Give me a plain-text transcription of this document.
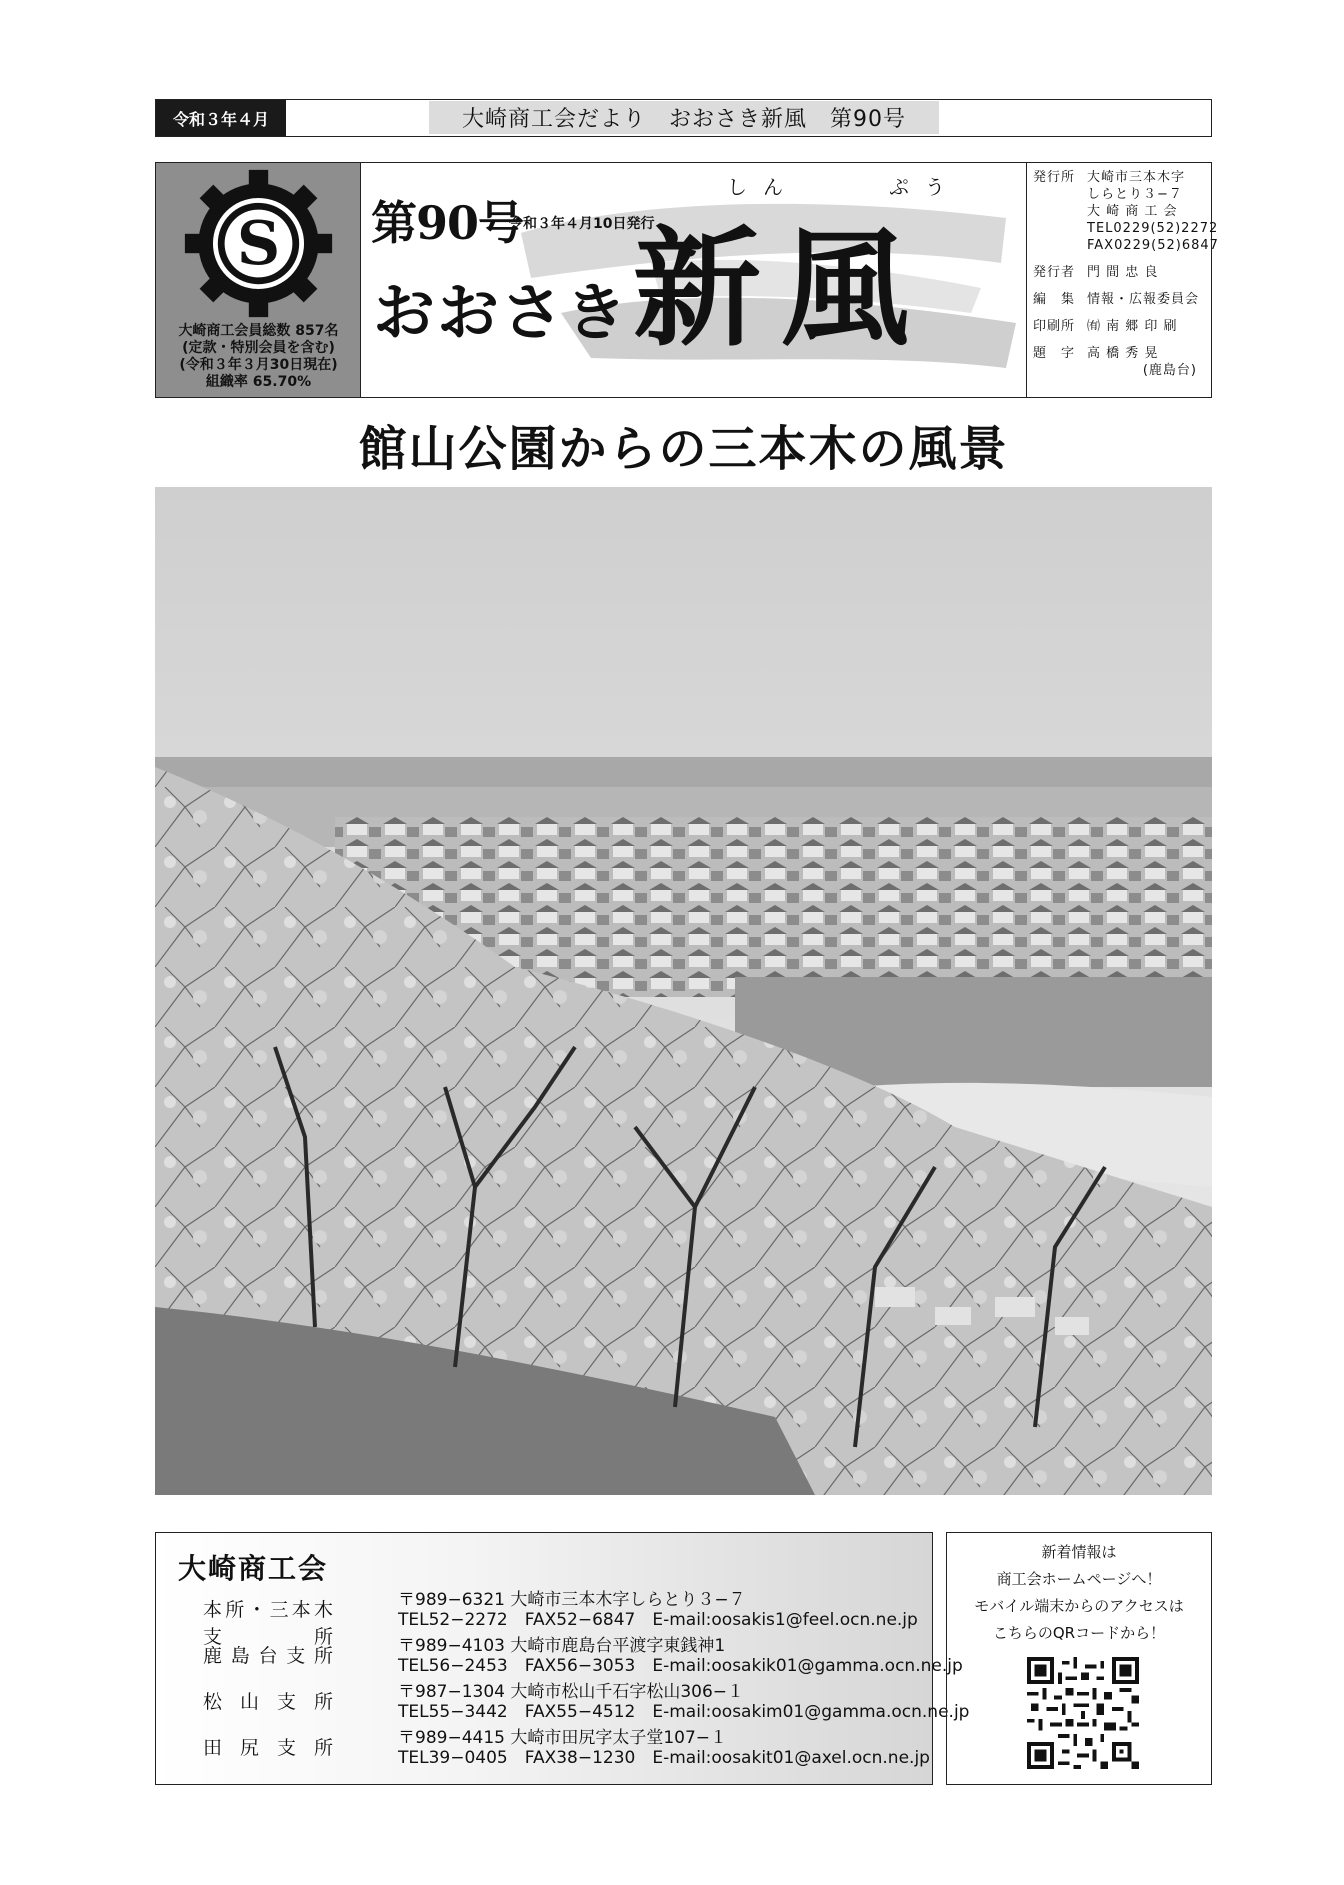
令和３年４月	大崎商工会だより　おおさき新風　第90号
S
大崎商工会員総数 857名
(定款・特別会員を含む)
(令和３年３月30日現在)
組織率 65.70%
第90号
令和３年４月10日発行
しん	ぷう
おおさき 新風
発行所 大崎市三本木字
しらとり３−７
大 崎 商 工 会
TEL0229(52)2272
FAX0229(52)6847
発行者 門 間 忠 良
編　集 情報・広報委員会
印刷所 ㈲ 南 郷 印 刷
題　字 高 橋 秀 晃
(鹿島台)
館山公園からの三本木の風景
大崎商工会
本所・三本木支所
〒989−6321 大崎市三本木字しらとり３−７
TEL52−2272　FAX52−6847　E-mail:oosakis1@feel.ocn.ne.jp
鹿島台支所	〒989−4103 大崎市鹿島台平渡字東銭神1
TEL56−2453　FAX56−3053　E-mail:oosakik01@gamma.ocn.ne.jp
松山支所	〒987−1304 大崎市松山千石字松山306−１
TEL55−3442　FAX55−4512　E-mail:oosakim01@gamma.ocn.ne.jp
田尻支所	〒989−4415 大崎市田尻字太子堂107−１
TEL39−0405　FAX38−1230　E-mail:oosakit01@axel.ocn.ne.jp
新着情報は
商工会ホームページへ！
モバイル端末からのアクセスは
こちらのQRコードから！
